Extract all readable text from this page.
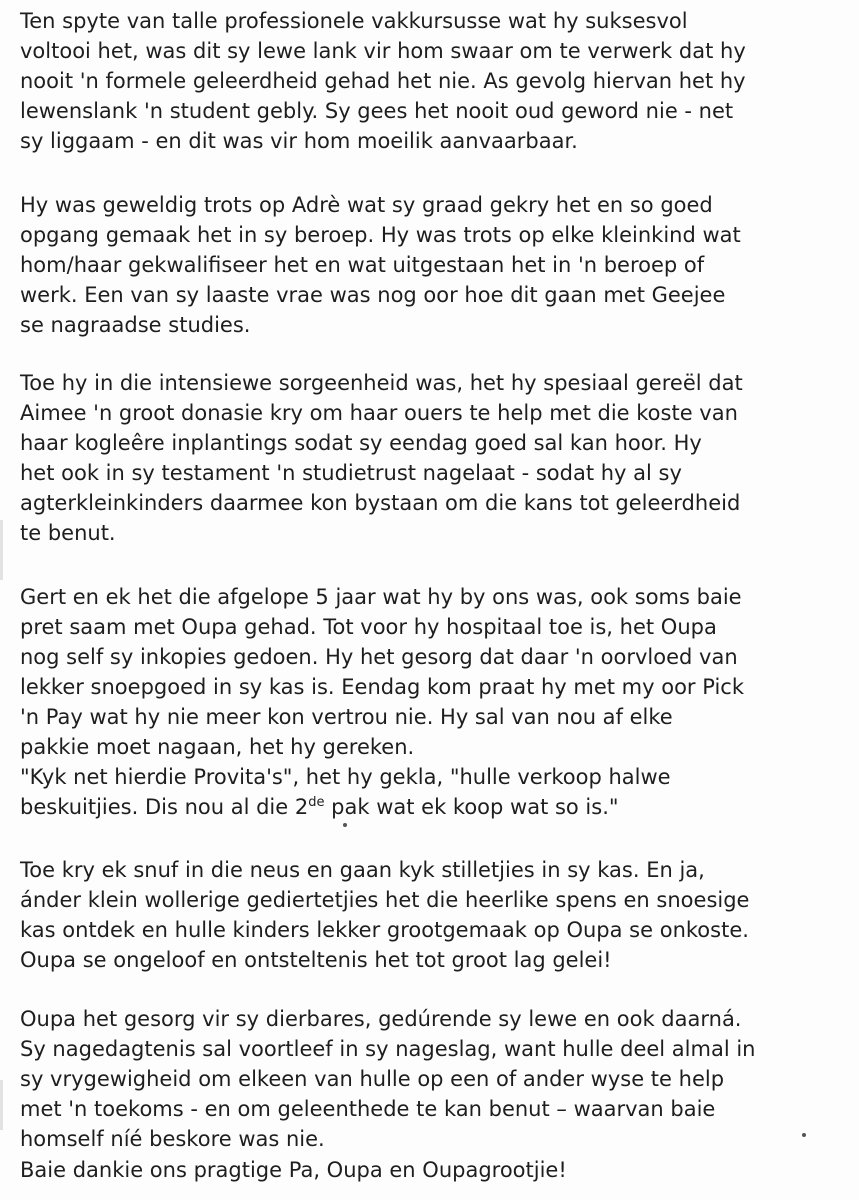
Ten spyte van talle professionele vakkursusse wat hy suksesvol
voltooi het, was dit sy lewe lank vir hom swaar om te verwerk dat hy
nooit 'n formele geleerdheid gehad het nie. As gevolg hiervan het hy
lewenslank 'n student gebly. Sy gees het nooit oud geword nie - net
sy liggaam - en dit was vir hom moeilik aanvaarbaar.

Hy was geweldig trots op Adrè wat sy graad gekry het en so goed
opgang gemaak het in sy beroep. Hy was trots op elke kleinkind wat
hom/haar gekwalifiseer het en wat uitgestaan het in 'n beroep of
werk. Een van sy laaste vrae was nog oor hoe dit gaan met Geejee
se nagraadse studies.

Toe hy in die intensiewe sorgeenheid was, het hy spesiaal gereël dat
Aimee 'n groot donasie kry om haar ouers te help met die koste van
haar kogleêre inplantings sodat sy eendag goed sal kan hoor. Hy
het ook in sy testament 'n studietrust nagelaat - sodat hy al sy
agterkleinkinders daarmee kon bystaan om die kans tot geleerdheid
te benut.

Gert en ek het die afgelope 5 jaar wat hy by ons was, ook soms baie
pret saam met Oupa gehad. Tot voor hy hospitaal toe is, het Oupa
nog self sy inkopies gedoen. Hy het gesorg dat daar 'n oorvloed van
lekker snoepgoed in sy kas is. Eendag kom praat hy met my oor Pick
'n Pay wat hy nie meer kon vertrou nie. Hy sal van nou af elke
pakkie moet nagaan, het hy gereken.

"Kyk net hierdie Provita's", het hy gekla, "hulle verkoop halwe
beskuitjies. Dis nou al die 2de pak wat ek koop wat so is."

Toe kry ek snuf in die neus en gaan kyk stilletjies in sy kas. En ja,
ánder klein wollerige gediertetjies het die heerlike spens en snoesige
kas ontdek en hulle kinders lekker grootgemaak op Oupa se onkoste.
Oupa se ongeloof en ontsteltenis het tot groot lag gelei!

Oupa het gesorg vir sy dierbares, gedúrende sy lewe en ook daarná.
Sy nagedagtenis sal voortleef in sy nageslag, want hulle deel almal in
sy vrygewigheid om elkeen van hulle op een of ander wyse te help
met 'n toekoms - en om geleenthede te kan benut – waarvan baie
homself níé beskore was nie.

Baie dankie ons pragtige Pa, Oupa en Oupagrootjie!
